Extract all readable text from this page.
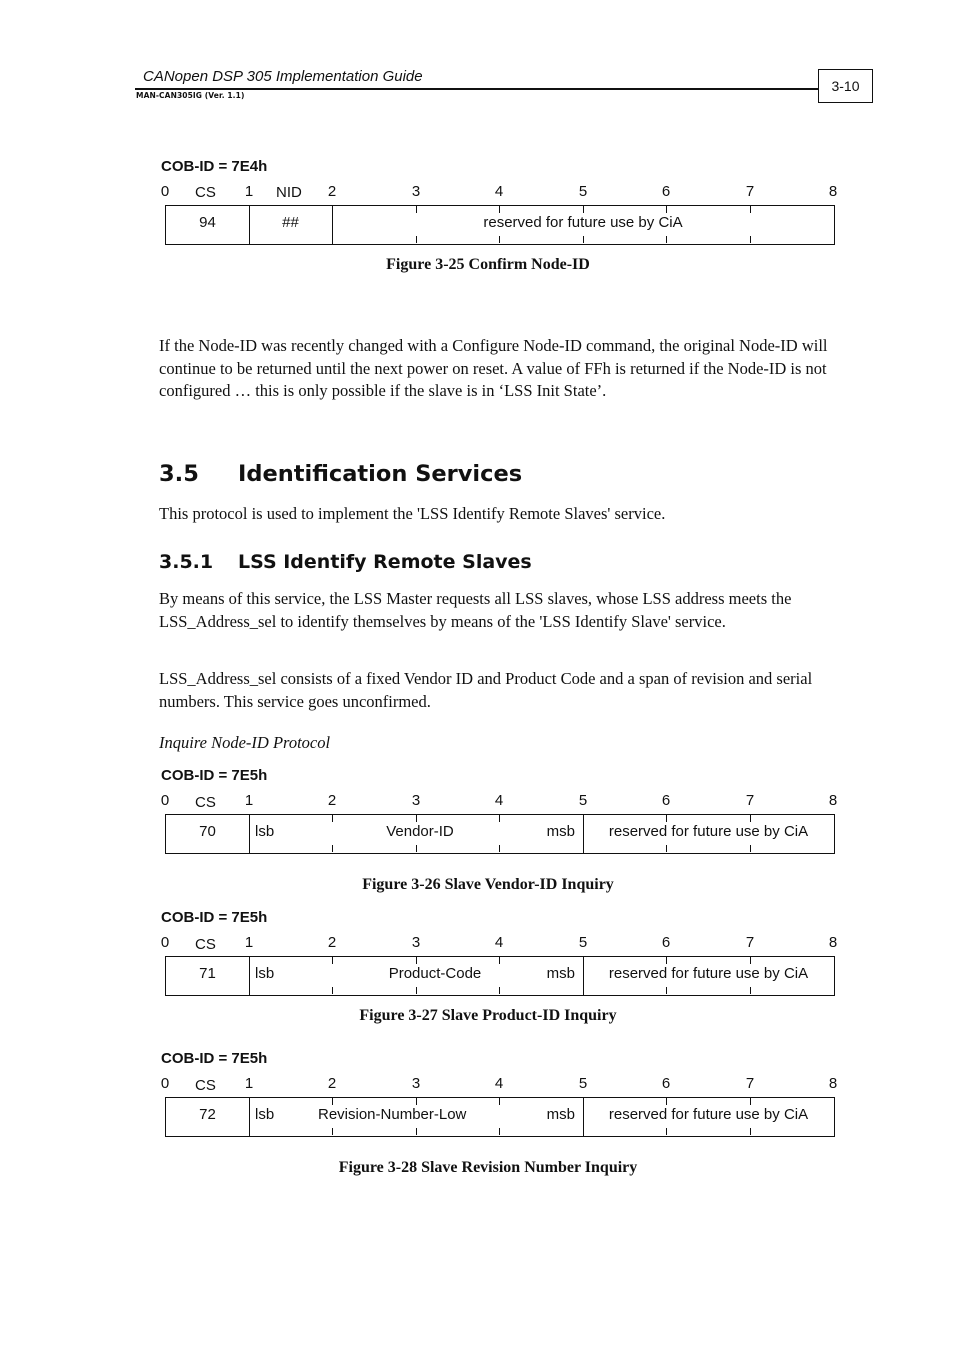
CANopen DSP 305 Implementation Guide
MAN-CAN305IG (Ver. 1.1)
3-10
COB-ID = 7E4h
0	CS	1	NID	2	3	4	5	6	7	8
94	##	reserved for future use by CiA
Figure 3-25 Confirm Node-ID
If the Node-ID was recently changed with a Configure Node-ID command, the original Node-ID will continue to be returned until the next power on reset. A value of FFh is returned if the Node-ID is not configured … this is only possible if the slave is in ‘LSS Init State’.
3.5 Identification Services
This protocol is used to implement the 'LSS Identify Remote Slaves' service.
3.5.1 LSS Identify Remote Slaves
By means of this service, the LSS Master requests all LSS slaves, whose LSS address meets the LSS_Address_sel to identify themselves by means of the 'LSS Identify Slave' service.
LSS_Address_sel consists of a fixed Vendor ID and Product Code and a span of revision and serial numbers. This service goes unconfirmed.
Inquire Node-ID Protocol
COB-ID = 7E5h
0	CS	1	2	3	4	5	6	7	8
70	lsb	Vendor-ID	msb	reserved for future use by CiA
Figure 3-26 Slave Vendor-ID Inquiry
COB-ID = 7E5h
0	CS	1	2	3	4	5	6	7	8
71	lsb	Product-Code	msb	reserved for future use by CiA
Figure 3-27 Slave Product-ID Inquiry
COB-ID = 7E5h
0	CS	1	2	3	4	5	6	7	8
72	lsb	Revision-Number-Low	msb	reserved for future use by CiA
Figure 3-28 Slave Revision Number Inquiry
